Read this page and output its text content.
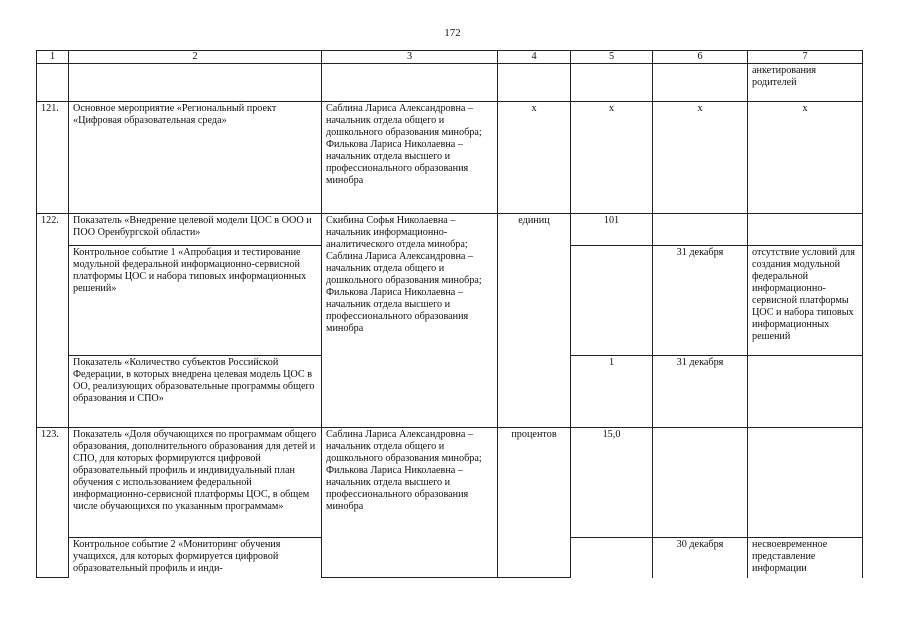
172
1	2	3	4	5	6	7
						анкетирования родителей
121.	Основное мероприятие «Региональный проект «Цифровая образовательная среда»	Саблина Лариса Александровна – начальник отдела общего и дошкольного образования минобра; Филькова Лариса Николаевна – начальник отдела высшего и профессионального образования минобра	х	х	х	х
122.	Показатель «Внедрение целевой модели ЦОС в ООО и ПОО Оренбургской области»	Скибина Софья Николаевна – начальник информационно-аналитического отдела минобра; Саблина Лариса Александровна – начальник отдела общего и дошкольного образования минобра; Филькова Лариса Николаевна – начальник отдела высшего и профессионального образования минобра	единиц	101		
	Контрольное событие 1 «Апробация и тестирование модульной федеральной информационно-сервисной платформы ЦОС и набора типовых информационных решений»				31 декабря	отсутствие условий для создания модульной федеральной информационно-сервисной платформы ЦОС и набора типовых информационных решений
	Показатель «Количество субъектов Российской Федерации, в которых внедрена целевая модель ЦОС в ОО, реализующих образовательные программы общего образования и СПО»			1	31 декабря	
123.	Показатель «Доля обучающихся по программам общего образования, дополнительного образования для детей и СПО, для которых формируются цифровой образовательный профиль и индивидуальный план обучения с использованием федеральной информационно-сервисной платформы ЦОС, в общем числе обучающихся по указанным программам»	Саблина Лариса Александровна – начальник отдела общего и дошкольного образования минобра; Филькова Лариса Николаевна – начальник отдела высшего и профессионального образования минобра	процентов	15,0		
	Контрольное событие 2 «Мониторинг обучения учащихся, для которых формируется цифровой образовательный профиль и инди-				30 декабря	несвоевременное представление информации
